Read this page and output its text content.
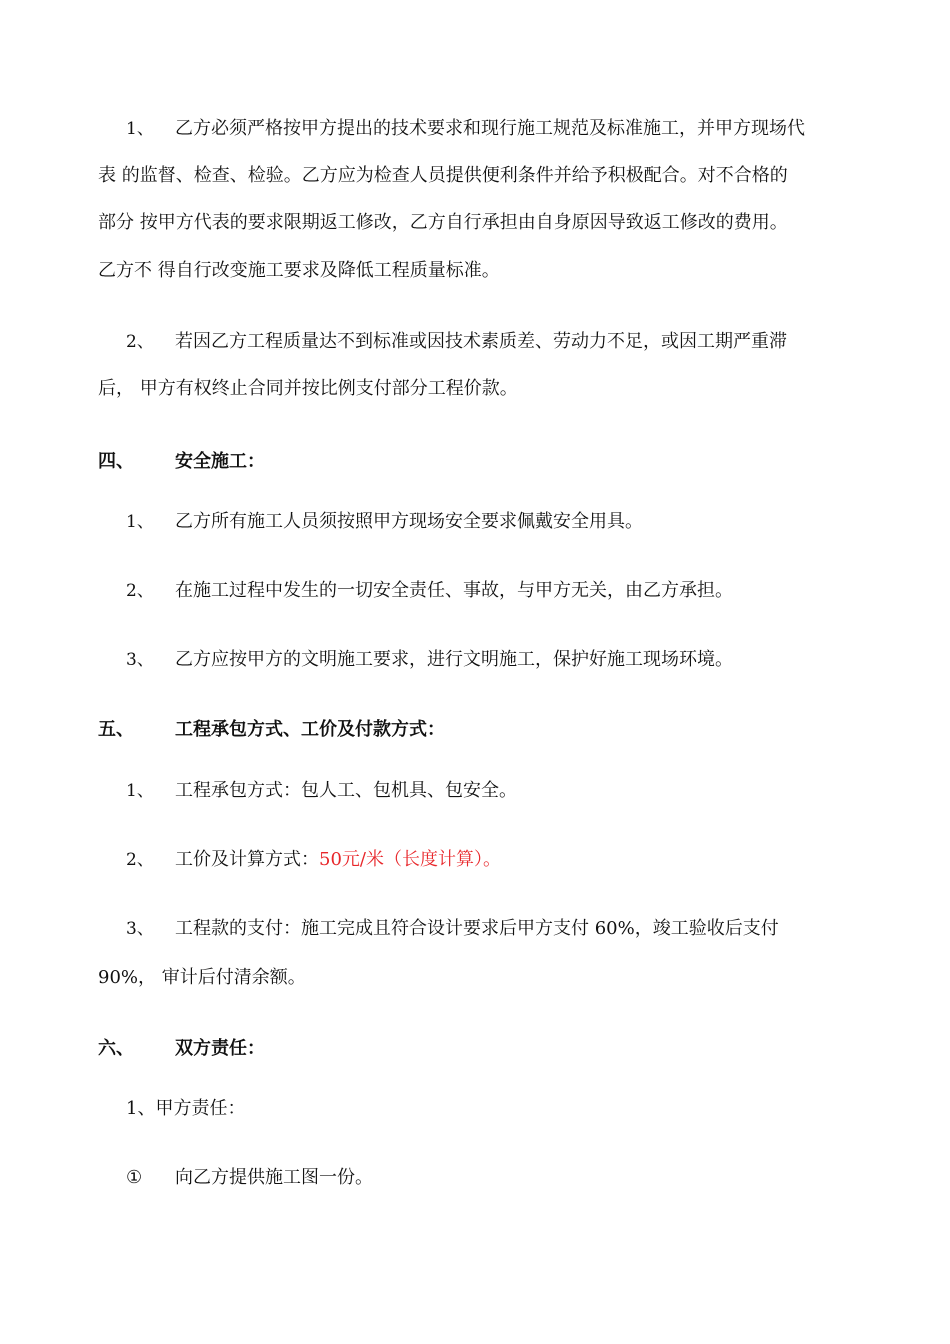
1、 乙方必须严格按甲方提出的技术要求和现行施工规范及标准施工，并甲方现场代
表 的监督、检查、检验。乙方应为检查人员提供便利条件并给予积极配合。对不合格的
部分 按甲方代表的要求限期返工修改，乙方自行承担由自身原因导致返工修改的费用。
乙方不 得自行改变施工要求及降低工程质量标准。
2、 若因乙方工程质量达不到标准或因技术素质差、劳动力不足，或因工期严重滞
后， 甲方有权终止合同并按比例支付部分工程价款。
四、 安全施工：
1、 乙方所有施工人员须按照甲方现场安全要求佩戴安全用具。
2、 在施工过程中发生的一切安全责任、事故，与甲方无关，由乙方承担。
3、 乙方应按甲方的文明施工要求，进行文明施工，保护好施工现场环境。
五、 工程承包方式、工价及付款方式：
1、 工程承包方式：包人工、包机具、包安全。
2、 工价及计算方式：50元/米（长度计算）。
3、 工程款的支付：施工完成且符合设计要求后甲方支付 60%，竣工验收后支付
90%， 审计后付清余额。
六、 双方责任：
1、甲方责任：
① 向乙方提供施工图一份。
